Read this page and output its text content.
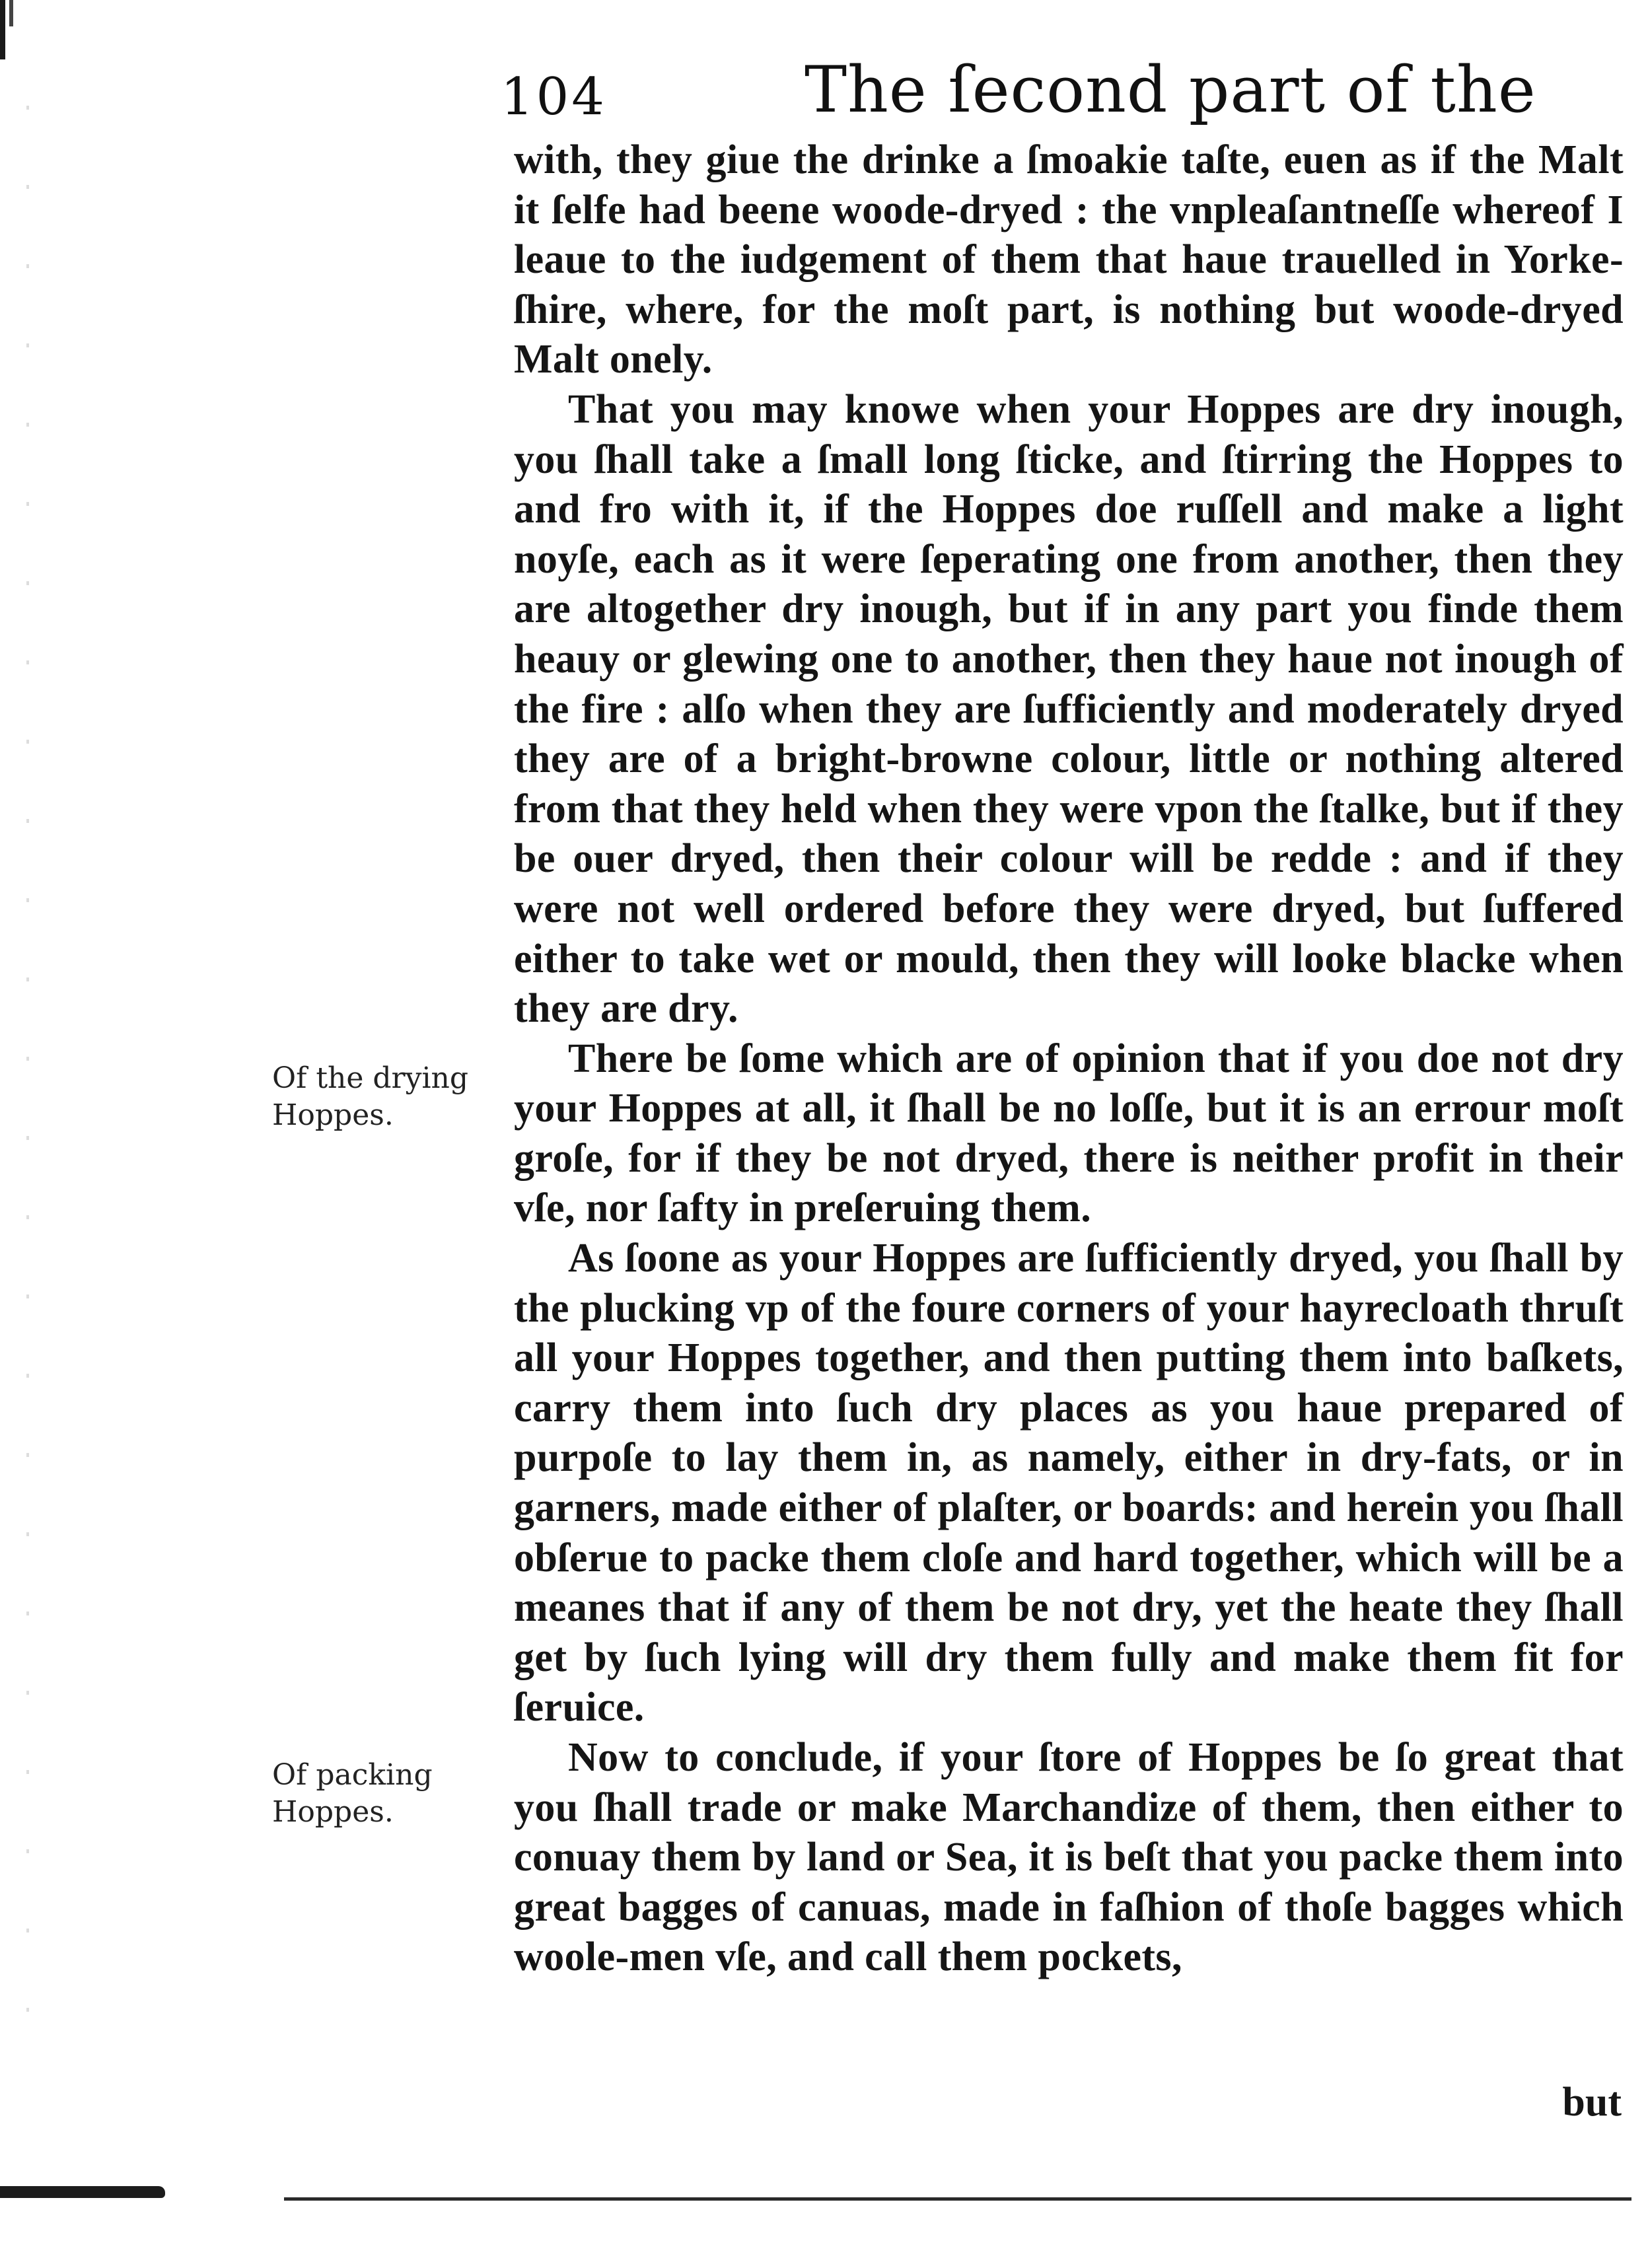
104	The ſecond part of the

with, they giue the drinke a ſmoakie taſte, euen as if the Malt it ſelfe had beene woode-dryed : the vnpleaſantneſſe whereof I leaue to the iudgement of them that haue trauelled in Yorke-ſhire, where, for the moſt part, is nothing but woode-dryed Malt onely.

That you may knowe when your Hoppes are dry inough, you ſhall take a ſmall long ſticke, and ſtirring the Hoppes to and fro with it, if the Hoppes doe ruſſell and make a light noyſe, each as it were ſeperating one from another, then they are altogether dry inough, but if in any part you finde them heauy or glewing one to another, then they haue not inough of the fire : alſo when they are ſufficiently and moderately dryed they are of a bright-browne colour, little or nothing altered from that they held when they were vpon the ſtalke, but if they be ouer dryed, then their colour will be redde : and if they were not well ordered before they were dryed, but ſuffered either to take wet or mould, then they will looke blacke when they are dry.

There be ſome which are of opinion that if you doe not dry your Hoppes at all, it ſhall be no loſſe, but it is an errour moſt groſe, for if they be not dryed, there is neither profit in their vſe, nor ſafty in preſeruing them.

As ſoone as your Hoppes are ſufficiently dryed, you ſhall by the plucking vp of the foure corners of your hayrecloath thruſt all your Hoppes together, and then putting them into baſkets, carry them into ſuch dry places as you haue prepared of purpoſe to lay them in, as namely, either in dry-fats, or in garners, made either of plaſter, or boards: and herein you ſhall obſerue to packe them cloſe and hard together, which will be a meanes that if any of them be not dry, yet the heate they ſhall get by ſuch lying will dry them fully and make them fit for ſeruice.

Now to conclude, if your ſtore of Hoppes be ſo great that you ſhall trade or make Marchandize of them, then either to conuay them by land or Sea, it is beſt that you packe them into great bagges of canuas, made in faſhion of thoſe bagges which woole-men vſe, and call them pockets,

Of the drying
Hoppes.
Of packing
Hoppes.
but
